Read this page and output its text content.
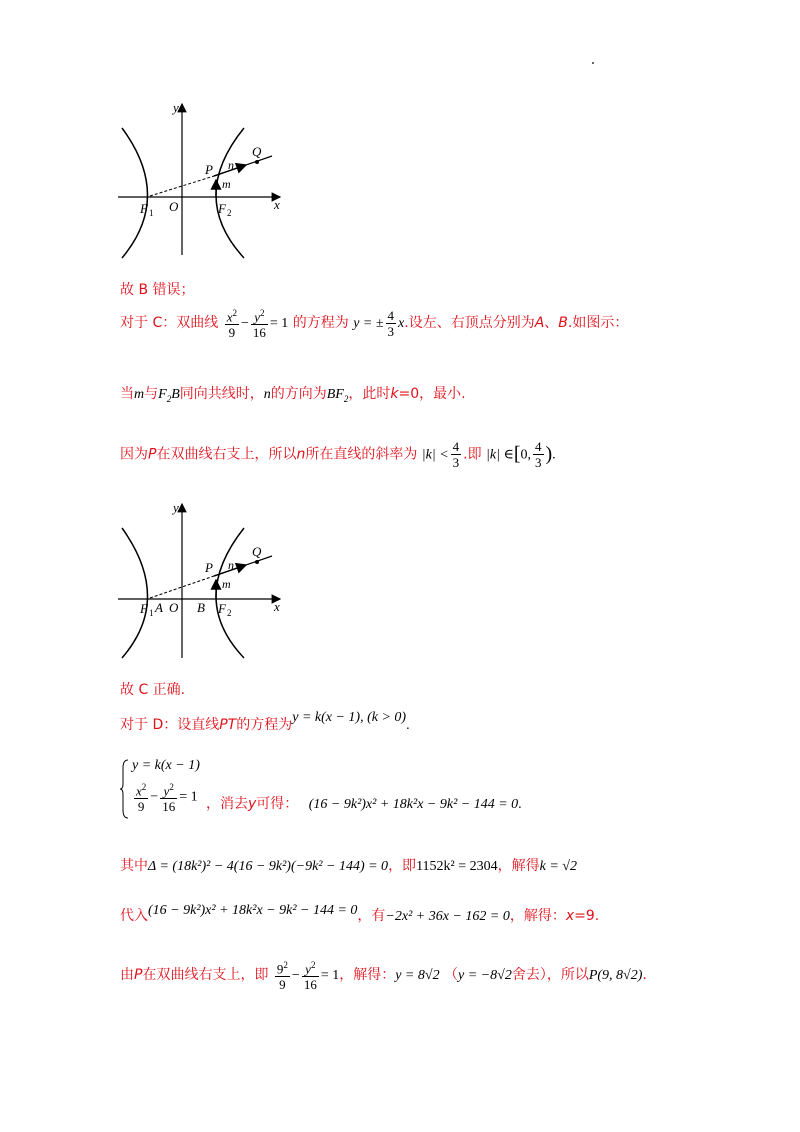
y
x
P
Q
n
m
F 1 O	F 2
故 B 错误；
对于 C：双曲线 $\frac{x^2}{9} - \frac{y^2}{16} = 1$ 的方程为 y = ± $\frac{4}{3} x$.设左、右顶点分别为A、B.如图示：
当m与$F_2B$同向共线时，n的方向为$BF_2$，此时k=0，最小.
因为P在双曲线右支上，所以n所在直线的斜率为 $|k| < \frac{4}{3}$ .即 |k| ∈[0, $\frac{4}{3}$ ).
y
x
P
Q
n
m
F 1 A O B F 2
故 C 正确.
对于 D：设直线PT的方程为y = k(x − 1), (k > 0).
y = k(x − 1)
$\frac{x^2}{9} - \frac{y^2}{16} = 1$ ，消去y可得： (16 − 9k²)x² + 18k²x − 9k² − 144 = 0.
其中Δ = (18k²)² − 4(16 − 9k²)(−9k² − 144) = 0，即1152k² = 2304，解得k = √2
代入(16 − 9k²)x² + 18k²x − 9k² − 144 = 0，有−2x² + 36x − 162 = 0，解得：x=9.
由P在双曲线右支上，即 $\frac{9^2}{9} - \frac{y^2}{16} = 1$，解得：y = 8√2 （y = −8√2舍去），所以P(9, 8√2).
